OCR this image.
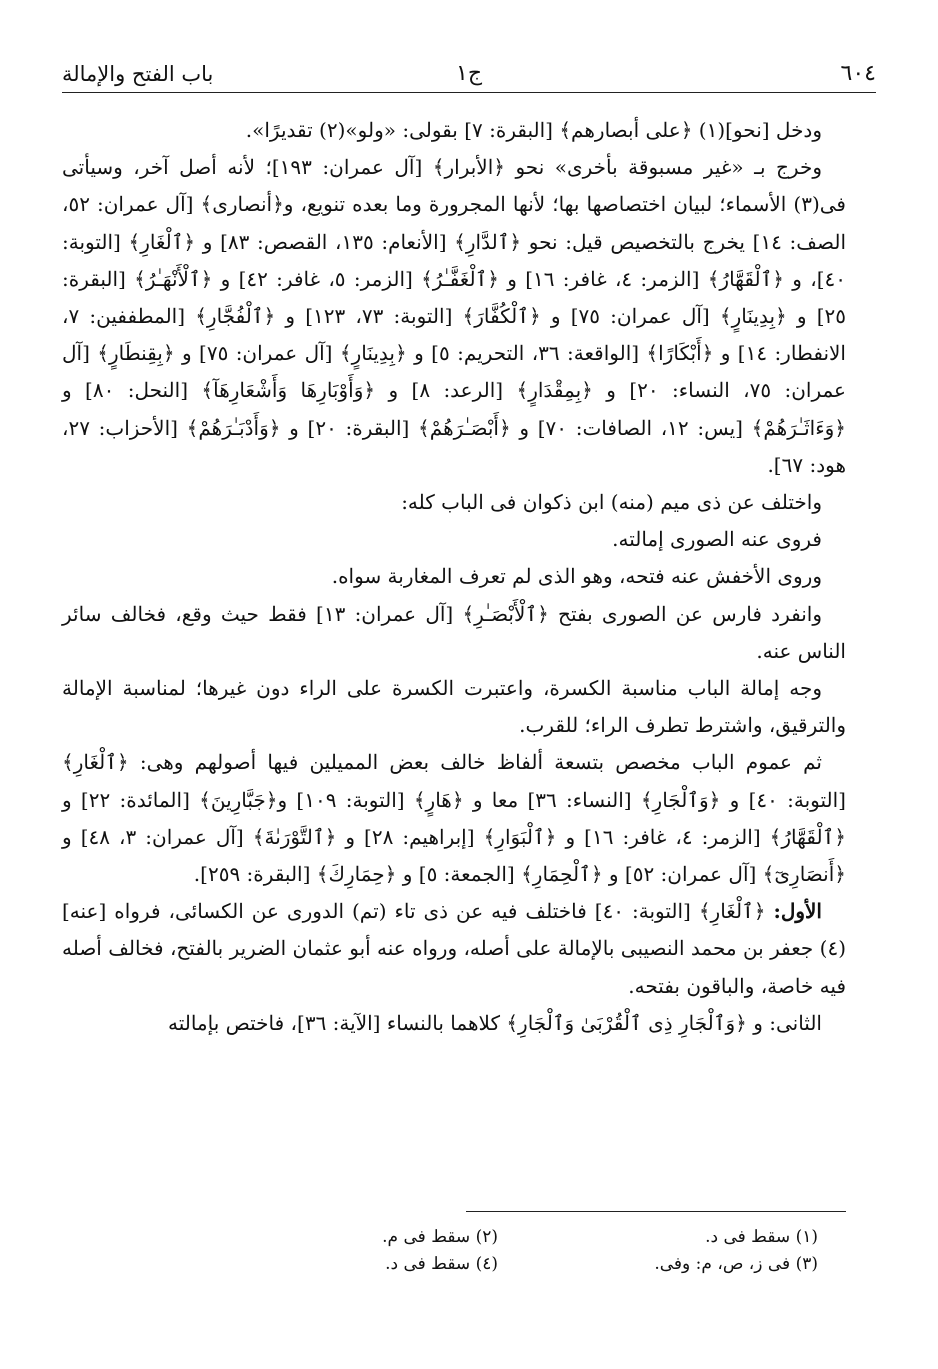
٦٠٤
ج١
باب الفتح والإمالة

ودخل [نحو](١) ﴿على أبصارهم﴾ [البقرة: ٧] بقولى: «ولو»(٢) تقديرًا».

وخرج بـ «غير مسبوقة بأخرى» نحو ﴿الأبرار﴾ [آل عمران: ١٩٣]؛ لأنه أصل آخر، وسيأتى فى(٣) الأسماء؛ لبيان اختصاصها بها؛ لأنها المجرورة وما بعده تنويع، و﴿أنصارى﴾ [آل عمران: ٥٢، الصف: ١٤] يخرج بالتخصيص قيل: نحو ﴿ٱلدَّارِ﴾ [الأنعام: ١٣٥، القصص: ٨٣] و ﴿ٱلْغَارِ﴾ [التوبة: ٤٠]، و ﴿ٱلْقَهَّارُ﴾ [الزمر: ٤، غافر: ١٦] و ﴿ٱلْغَفَّـٰرُ﴾ [الزمر: ٥، غافر: ٤٢] و ﴿ٱلْأَنْهَـٰرُ﴾ [البقرة: ٢٥] و ﴿بِدِينَارٍ﴾ [آل عمران: ٧٥] و ﴿ٱلْكُفَّارَ﴾ [التوبة: ٧٣، ١٢٣] و ﴿ٱلْفُجَّارِ﴾ [المطففين: ٧، الانفطار: ١٤] و ﴿أَبْكَارًا﴾ [الواقعة: ٣٦، التحريم: ٥] و ﴿بِدِينَارٍ﴾ [آل عمران: ٧٥] و ﴿بِقِنطَارٍ﴾ [آل عمران: ٧٥، النساء: ٢٠] و ﴿بِمِقْدَارٍ﴾ [الرعد: ٨] و ﴿وَأَوْبَارِهَا وَأَشْعَارِهَآ﴾ [النحل: ٨٠] و ﴿وَءَاثَـٰرَهُمْ﴾ [يس: ١٢، الصافات: ٧٠] و ﴿أَبْصَـٰرَهُمْ﴾ [البقرة: ٢٠] و ﴿وَأَدْبَـٰرَهُمْ﴾ [الأحزاب: ٢٧، هود: ٦٧].

واختلف عن ذى ميم (منه) ابن ذكوان فى الباب كله:

فروى عنه الصورى إمالته.

وروى الأخفش عنه فتحه، وهو الذى لم تعرف المغاربة سواه.

وانفرد فارس عن الصورى بفتح ﴿ٱلْأَبْصَـٰرِ﴾ [آل عمران: ١٣] فقط حيث وقع، فخالف سائر الناس عنه.

وجه إمالة الباب مناسبة الكسرة، واعتبرت الكسرة على الراء دون غيرها؛ لمناسبة الإمالة والترقيق، واشترط تطرف الراء؛ للقرب.

ثم عموم الباب مخصص بتسعة ألفاظ خالف بعض المميلين فيها أصولهم وهى: ﴿ٱلْغَارِ﴾ [التوبة: ٤٠] و ﴿وَٱلْجَارِ﴾ [النساء: ٣٦] معا و ﴿هَارٍ﴾ [التوبة: ١٠٩] و﴿جَبَّارِينَ﴾ [المائدة: ٢٢] و ﴿ٱلْقَهَّارُ﴾ [الزمر: ٤، غافر: ١٦] و ﴿ٱلْبَوَارِ﴾ [إبراهيم: ٢٨] و ﴿ٱلتَّوْرَىٰةَ﴾ [آل عمران: ٣، ٤٨] و ﴿أَنصَارِىٓ﴾ [آل عمران: ٥٢] و ﴿ٱلْحِمَارِ﴾ [الجمعة: ٥] و ﴿حِمَارِكَ﴾ [البقرة: ٢٥٩].

الأول: ﴿ٱلْغَارِ﴾ [التوبة: ٤٠] فاختلف فيه عن ذى تاء (تم) الدورى عن الكسائى، فرواه [عنه](٤) جعفر بن محمد النصيبى بالإمالة على أصله، ورواه عنه أبو عثمان الضرير بالفتح، فخالف أصله فيه خاصة، والباقون بفتحه.

الثانى: و ﴿وَٱلْجَارِ ذِى ٱلْقُرْبَىٰ وَٱلْجَارِ﴾ كلاهما بالنساء [الآية: ٣٦]، فاختص بإمالته

(١) سقط فى د.
(٢) سقط فى م.
(٣) فى ز، ص، م: وفى.
(٤) سقط فى د.
